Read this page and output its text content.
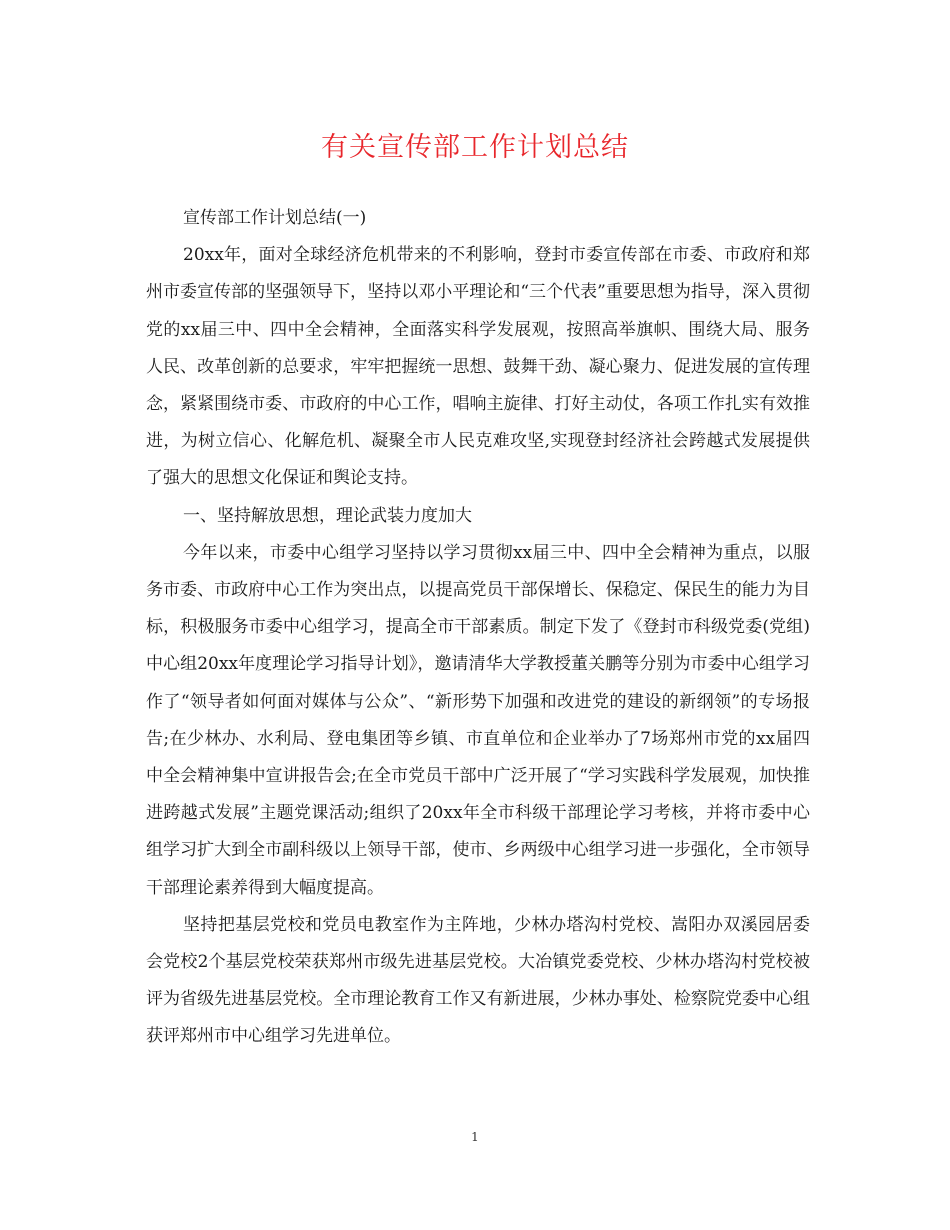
有关宣传部工作计划总结

宣传部工作计划总结(一)

20xx年，面对全球经济危机带来的不利影响，登封市委宣传部在市委、市政府和郑州市委宣传部的坚强领导下，坚持以邓小平理论和“三个代表”重要思想为指导，深入贯彻党的xx届三中、四中全会精神，全面落实科学发展观，按照高举旗帜、围绕大局、服务人民、改革创新的总要求，牢牢把握统一思想、鼓舞干劲、凝心聚力、促进发展的宣传理念，紧紧围绕市委、市政府的中心工作，唱响主旋律、打好主动仗，各项工作扎实有效推进，为树立信心、化解危机、凝聚全市人民克难攻坚,实现登封经济社会跨越式发展提供了强大的思想文化保证和舆论支持。

一、坚持解放思想，理论武装力度加大

今年以来，市委中心组学习坚持以学习贯彻xx届三中、四中全会精神为重点，以服务市委、市政府中心工作为突出点，以提高党员干部保增长、保稳定、保民生的能力为目标，积极服务市委中心组学习，提高全市干部素质。制定下发了《登封市科级党委(党组)中心组20xx年度理论学习指导计划》，邀请清华大学教授董关鹏等分别为市委中心组学习作了“领导者如何面对媒体与公众”、“新形势下加强和改进党的建设的新纲领”的专场报告;在少林办、水利局、登电集团等乡镇、市直单位和企业举办了7场郑州市党的xx届四中全会精神集中宣讲报告会;在全市党员干部中广泛开展了“学习实践科学发展观，加快推进跨越式发展”主题党课活动;组织了20xx年全市科级干部理论学习考核，并将市委中心组学习扩大到全市副科级以上领导干部，使市、乡两级中心组学习进一步强化，全市领导干部理论素养得到大幅度提高。

坚持把基层党校和党员电教室作为主阵地，少林办塔沟村党校、嵩阳办双溪园居委会党校2个基层党校荣获郑州市级先进基层党校。大冶镇党委党校、少林办塔沟村党校被评为省级先进基层党校。全市理论教育工作又有新进展，少林办事处、检察院党委中心组获评郑州市中心组学习先进单位。

1
